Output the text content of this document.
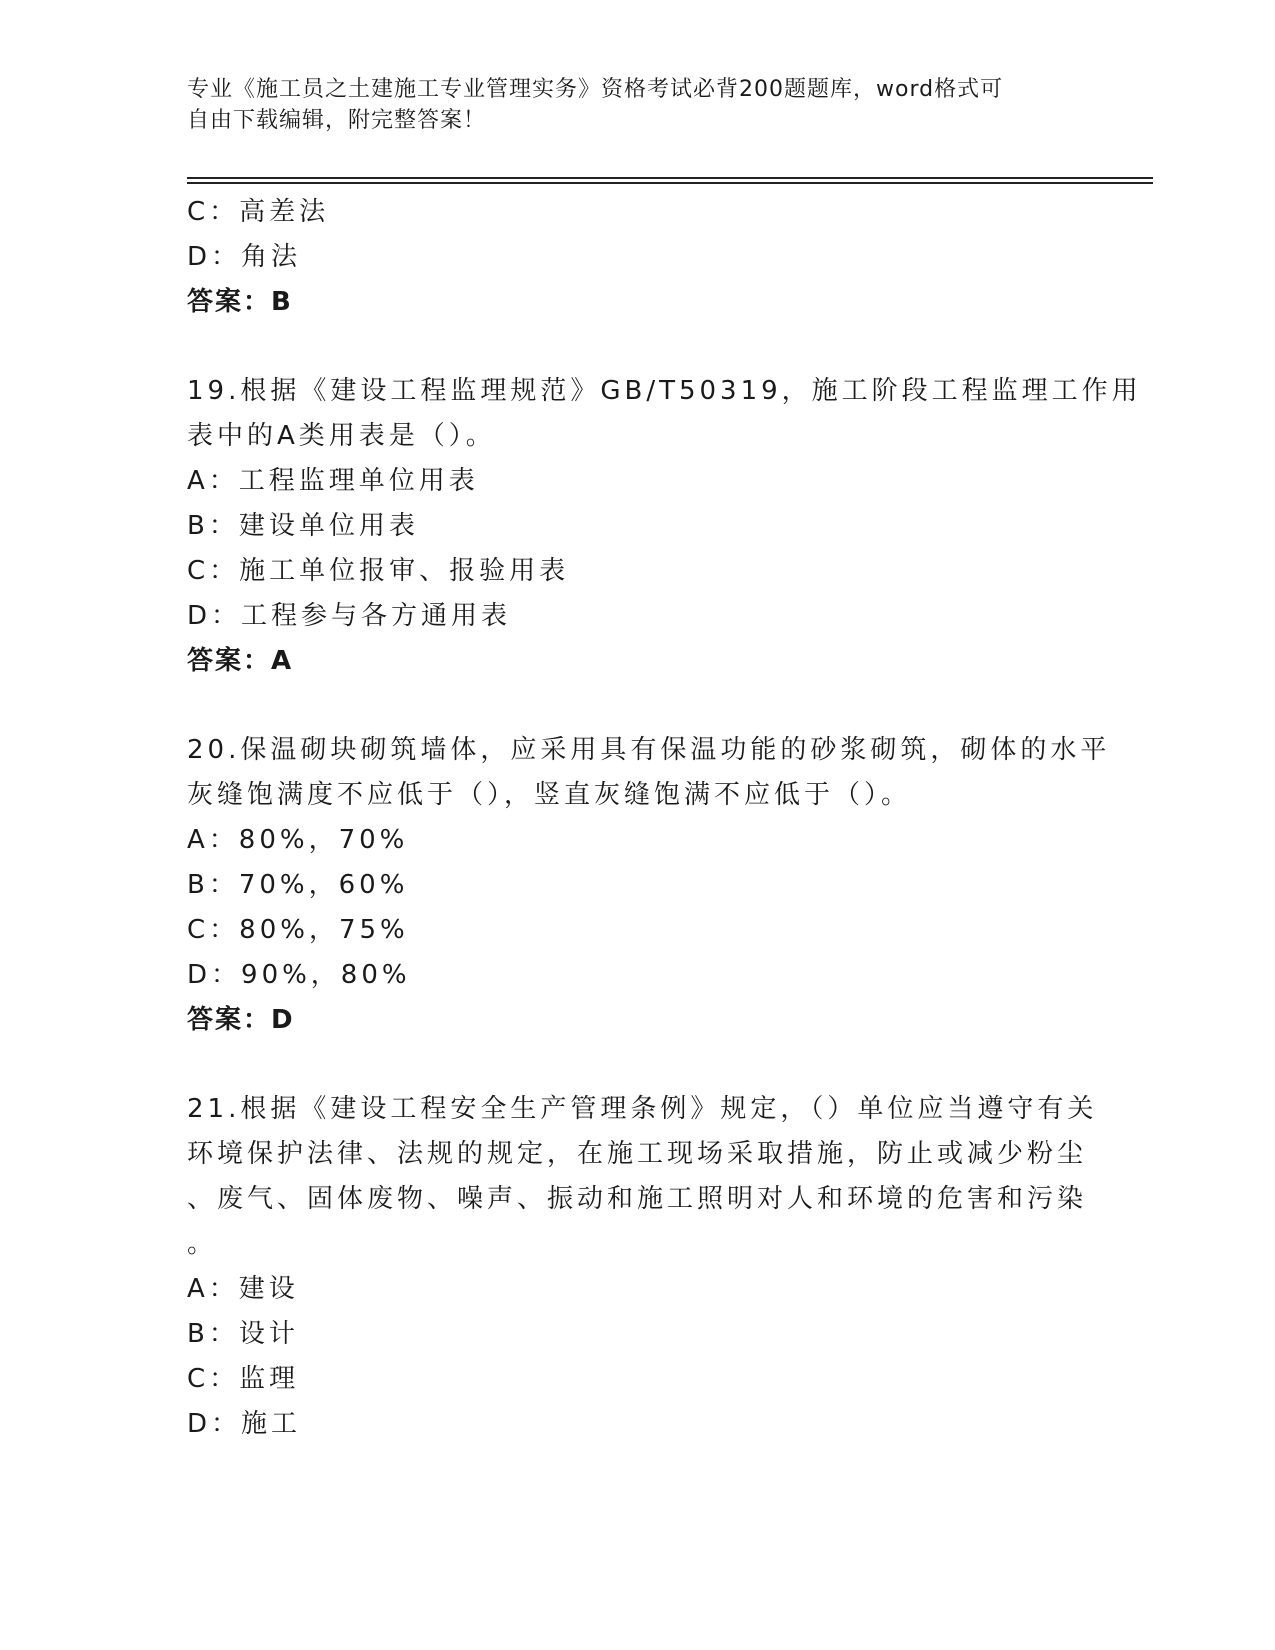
专业《施工员之土建施工专业管理实务》资格考试必背200题题库，word格式可
自由下载编辑，附完整答案！
C：高差法
D：角法
答案：B
19.根据《建设工程监理规范》GB/T50319，施工阶段工程监理工作用
表中的A类用表是（）。
A：工程监理单位用表
B：建设单位用表
C：施工单位报审、报验用表
D：工程参与各方通用表
答案：A
20.保温砌块砌筑墙体，应采用具有保温功能的砂浆砌筑，砌体的水平
灰缝饱满度不应低于（），竖直灰缝饱满不应低于（）。
A：80%，70%
B：70%，60%
C：80%，75%
D：90%，80%
答案：D
21.根据《建设工程安全生产管理条例》规定，（）单位应当遵守有关
环境保护法律、法规的规定，在施工现场采取措施，防止或减少粉尘
、废气、固体废物、噪声、振动和施工照明对人和环境的危害和污染
。
A：建设
B：设计
C：监理
D：施工
